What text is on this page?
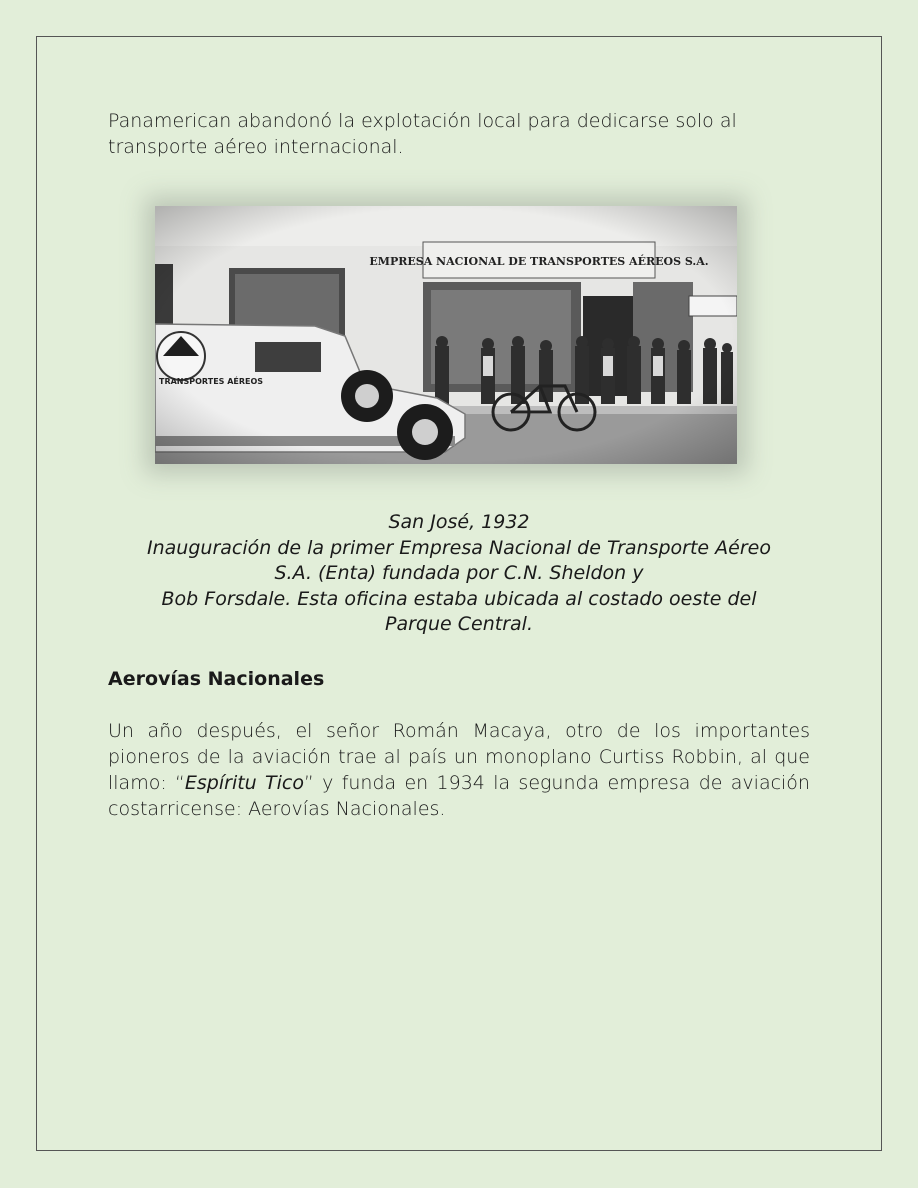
Panamerican abandonó la explotación local para dedicarse solo al transporte aéreo internacional.

San José, 1932
Inauguración de la primer Empresa Nacional de Transporte Aéreo
S.A. (Enta) fundada por C.N. Sheldon y
Bob Forsdale. Esta oficina estaba ubicada al costado oeste del
Parque Central.
Aerovías Nacionales

Un año después, el señor Román Macaya, otro de los importantes pioneros de la aviación trae al país un monoplano Curtiss Robbin, al que llamo: “Espíritu Tico” y funda en 1934 la segunda empresa de aviación costarricense: Aerovías Nacionales.
